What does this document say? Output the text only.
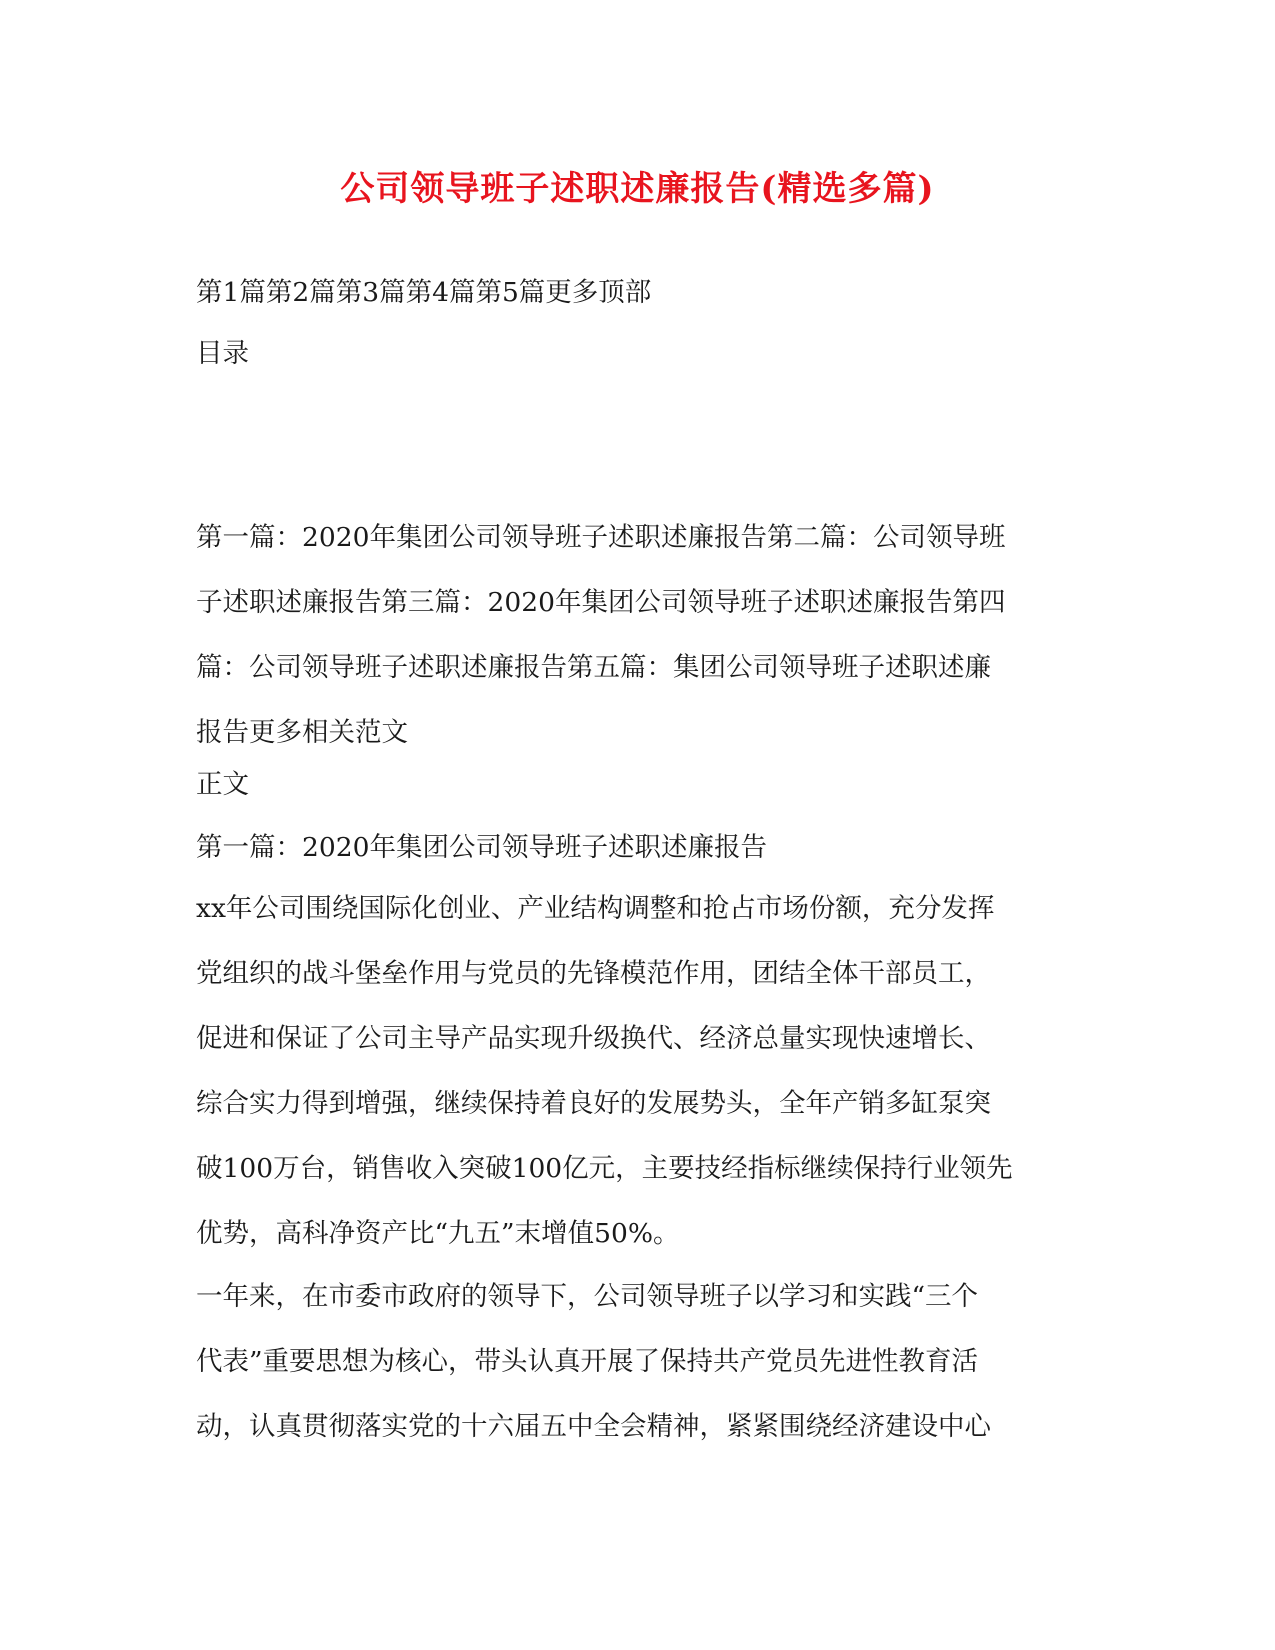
公司领导班子述职述廉报告(精选多篇)
第1篇第2篇第3篇第4篇第5篇更多顶部
目录

第一篇：2020年集团公司领导班子述职述廉报告第二篇：公司领导班

子述职述廉报告第三篇：2020年集团公司领导班子述职述廉报告第四

篇：公司领导班子述职述廉报告第五篇：集团公司领导班子述职述廉

报告更多相关范文

正文
第一篇：2020年集团公司领导班子述职述廉报告

xx年公司围绕国际化创业、产业结构调整和抢占市场份额，充分发挥

党组织的战斗堡垒作用与党员的先锋模范作用，团结全体干部员工，

促进和保证了公司主导产品实现升级换代、经济总量实现快速增长、

综合实力得到增强，继续保持着良好的发展势头，全年产销多缸泵突

破100万台，销售收入突破100亿元，主要技经指标继续保持行业领先

优势，高科净资产比“九五”末增值50%。

一年来，在市委市政府的领导下，公司领导班子以学习和实践“三个

代表”重要思想为核心，带头认真开展了保持共产党员先进性教育活

动，认真贯彻落实党的十六届五中全会精神，紧紧围绕经济建设中心
